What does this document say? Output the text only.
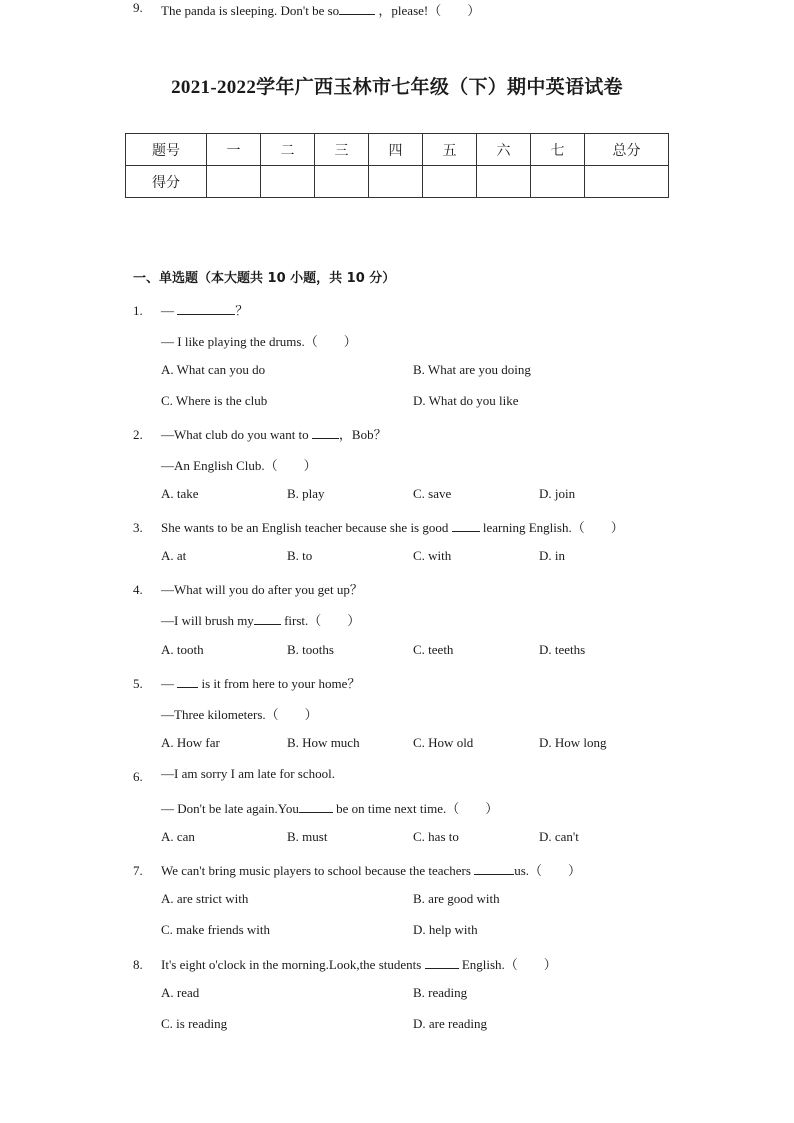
2021-2022学年广西玉林市七年级（下）期中英语试卷
题号	一	二	三	四	五	六	七	总分
得分								
一、单选题（本大题共 10 小题，共 10 分）
1. —	？
— I like playing the drums.（　　）
A. What can you do	B. What are you doing
C. Where is the club	D. What do you like
2. —What club do you want to ，Bob？
—An English Club.（　　）
A. take	B. play	C. save	D. join
3. She wants to be an English teacher because she is good  learning English.（　　）
A. at	B. to	C. with	D. in
4. —What will you do after you get up？
—I will brush my first.（　　）
A. tooth	B. tooths	C. teeth	D. teeths
5. —  is it from here to your home？
—Three kilometers.（　　）
A. How far	B. How much	C. How old	D. How long
6. —I am sorry I am late for school.
— Don't be late again.You	be on time next time.（　　）
A. can	B. must	C. has to	D. can't
7. We can't bring music players to school because the teachers	us.（　　）
A. are strict with	B. are good with
C. make friends with	D. help with
8. It's eight o'clock in the morning.Look,the students	English.（　　）
A. read	B. reading
C. is reading	D. are reading
9. The panda is sleeping. Don't be so	，please!（　　）
